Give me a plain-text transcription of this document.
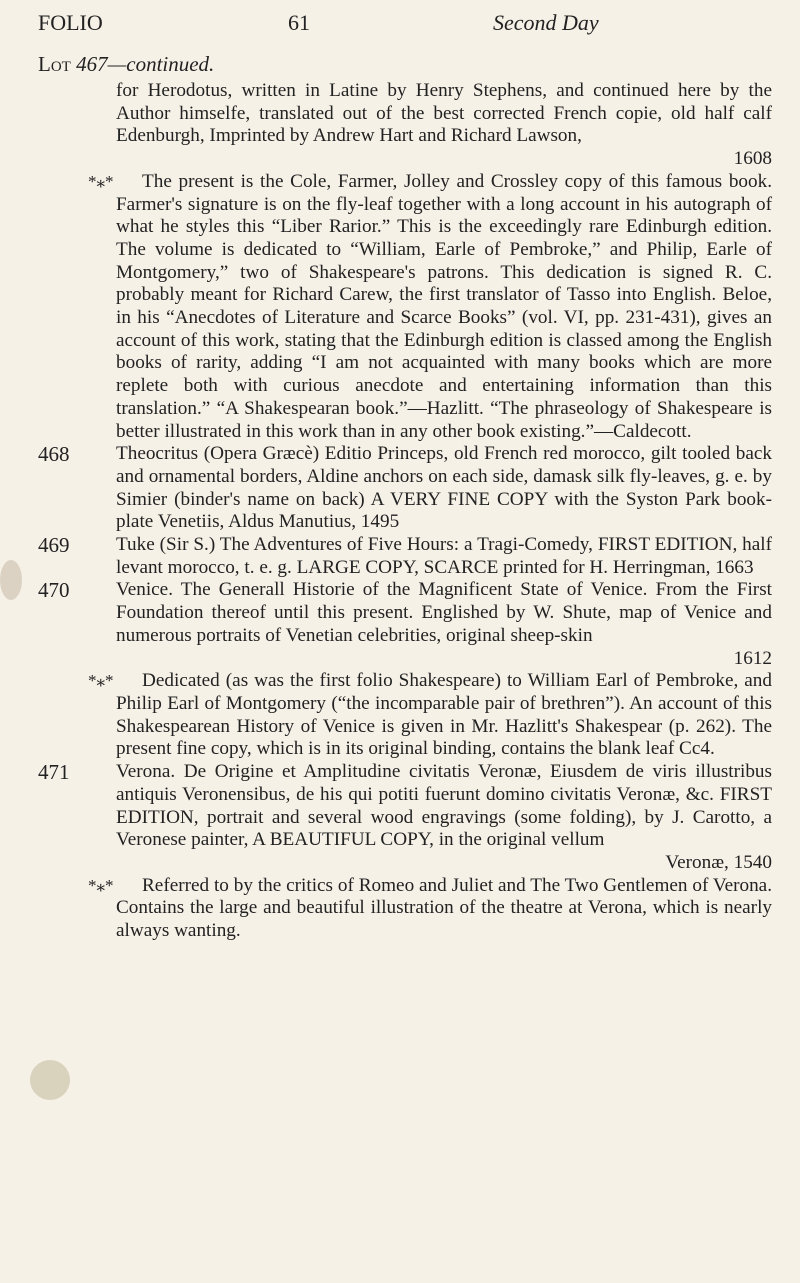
FOLIO	61	Second Day
Lot 467—continued.
for Herodotus, written in Latine by Henry Stephens, and continued here by the Author himselfe, translated out of the best corrected French copie, old half calf Edenburgh, Imprinted by Andrew Hart and Richard Lawson,
1608
*⁎*	The present is the Cole, Farmer, Jolley and Crossley copy of this famous book. Farmer's signature is on the fly-leaf together with a long account in his autograph of what he styles this “Liber Rarior.” This is the exceedingly rare Edinburgh edition. The volume is dedicated to “William, Earle of Pembroke,” and Philip, Earle of Montgomery,” two of Shakespeare's patrons. This dedication is signed R. C. probably meant for Richard Carew, the first translator of Tasso into English. Beloe, in his “Anecdotes of Literature and Scarce Books” (vol. VI, pp. 231-431), gives an account of this work, stating that the Edinburgh edition is classed among the English books of rarity, adding “I am not acquainted with many books which are more replete both with curious anecdote and entertaining information than this translation.” “A Shakespearan book.”—Hazlitt. “The phraseology of Shakespeare is better illustrated in this work than in any other book existing.”—Caldecott.
468	Theocritus (Opera Græcè) Editio Princeps, old French red morocco, gilt tooled back and ornamental borders, Aldine anchors on each side, damask silk fly-leaves, g. e. by Simier (binder's name on back) A VERY FINE COPY with the Syston Park book-plate Venetiis, Aldus Manutius, 1495
469	Tuke (Sir S.) The Adventures of Five Hours: a Tragi-Comedy, FIRST EDITION, half levant morocco, t. e. g. LARGE COPY, SCARCE printed for H. Herringman, 1663
470	Venice. The Generall Historie of the Magnificent State of Venice. From the First Foundation thereof until this present. Englished by W. Shute, map of Venice and numerous portraits of Venetian celebrities, original sheep-skin
1612
*⁎*	Dedicated (as was the first folio Shakespeare) to William Earl of Pembroke, and Philip Earl of Montgomery (“the incomparable pair of brethren”). An account of this Shakespearean History of Venice is given in Mr. Hazlitt's Shakespear (p. 262). The present fine copy, which is in its original binding, contains the blank leaf Cc4.
471	Verona. De Origine et Amplitudine civitatis Veronæ, Eiusdem de viris illustribus antiquis Veronensibus, de his qui potiti fuerunt domino civitatis Veronæ, &c. FIRST EDITION, portrait and several wood engravings (some folding), by J. Carotto, a Veronese painter, A BEAUTIFUL COPY, in the original vellum
Veronæ, 1540
*⁎*	Referred to by the critics of Romeo and Juliet and The Two Gentlemen of Verona. Contains the large and beautiful illustration of the theatre at Verona, which is nearly always wanting.
